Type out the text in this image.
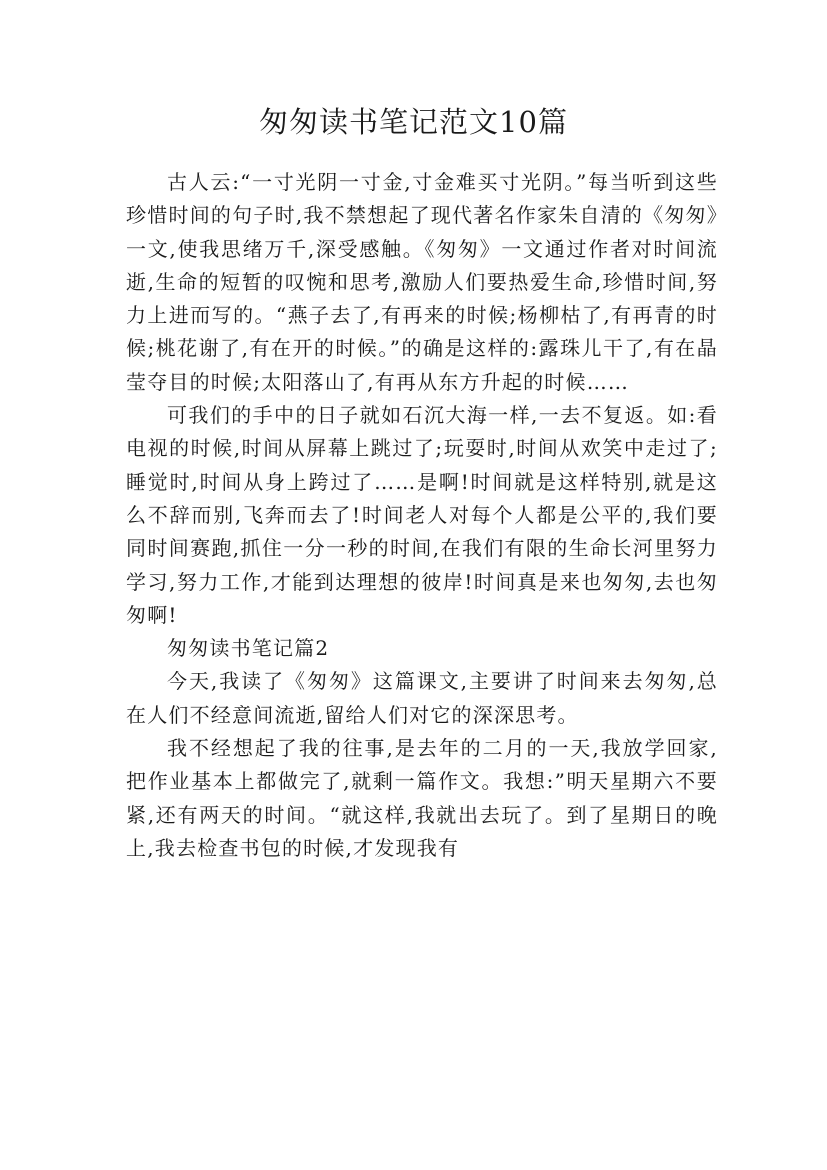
匆匆读书笔记范文10篇

古人云:“一寸光阴一寸金,寸金难买寸光阴。”每当听到这些珍惜时间的句子时,我不禁想起了现代著名作家朱自清的《匆匆》一文,使我思绪万千,深受感触。《匆匆》一文通过作者对时间流逝,生命的短暂的叹惋和思考,激励人们要热爱生命,珍惜时间,努力上进而写的。“燕子去了,有再来的时候;杨柳枯了,有再青的时候;桃花谢了,有在开的时候。”的确是这样的:露珠儿干了,有在晶莹夺目的时候;太阳落山了,有再从东方升起的时候……

可我们的手中的日子就如石沉大海一样,一去不复返。如:看电视的时候,时间从屏幕上跳过了;玩耍时,时间从欢笑中走过了;睡觉时,时间从身上跨过了……是啊!时间就是这样特别,就是这么不辞而别,飞奔而去了!时间老人对每个人都是公平的,我们要同时间赛跑,抓住一分一秒的时间,在我们有限的生命长河里努力学习,努力工作,才能到达理想的彼岸!时间真是来也匆匆,去也匆匆啊!

匆匆读书笔记篇2

今天,我读了《匆匆》这篇课文,主要讲了时间来去匆匆,总在人们不经意间流逝,留给人们对它的深深思考。

我不经想起了我的往事,是去年的二月的一天,我放学回家,把作业基本上都做完了,就剩一篇作文。我想:”明天星期六不要紧,还有两天的时间。“就这样,我就出去玩了。到了星期日的晚上,我去检查书包的时候,才发现我有
